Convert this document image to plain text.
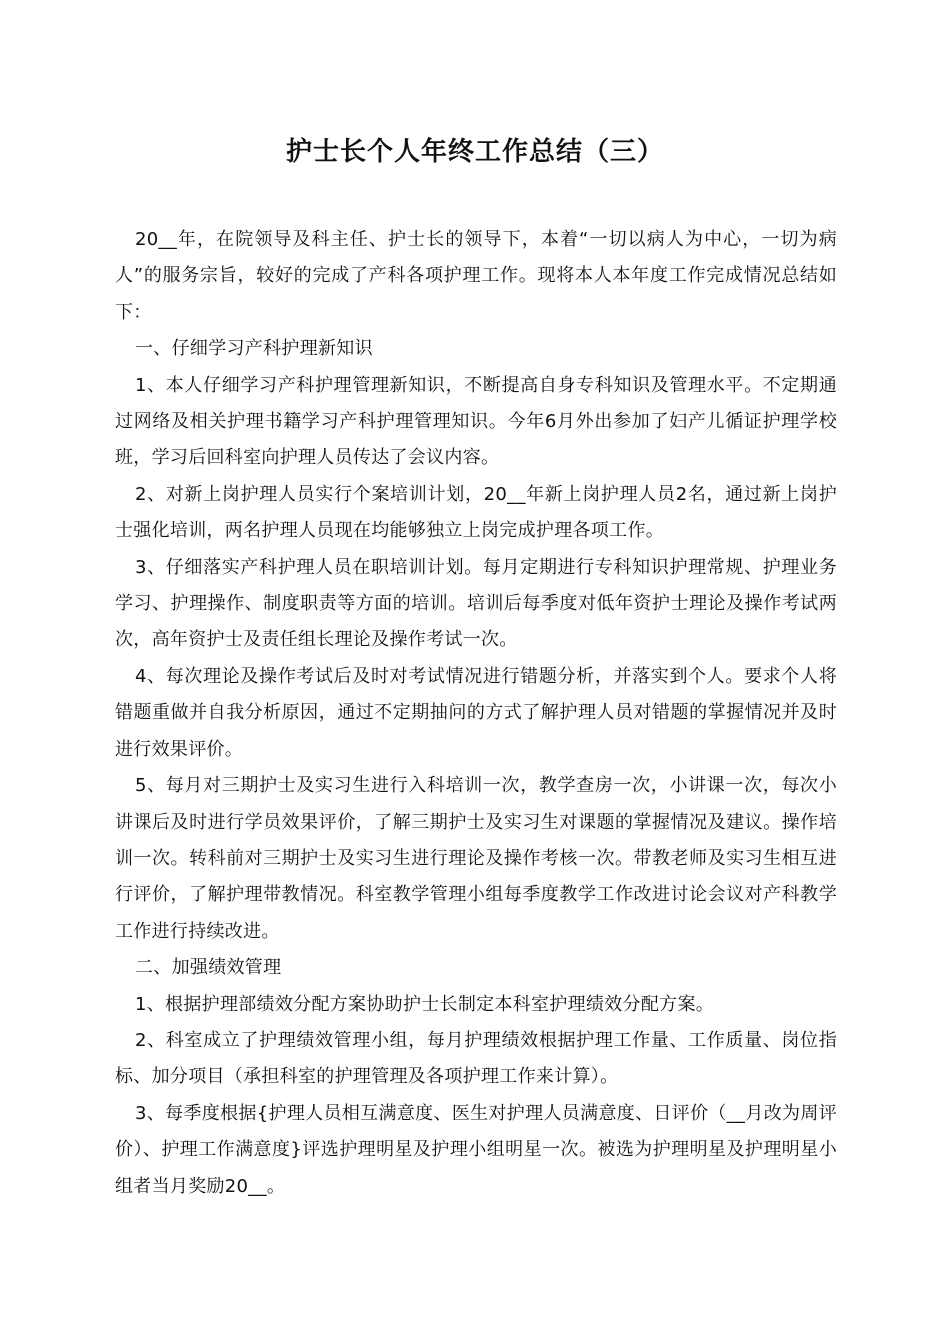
护士长个人年终工作总结（三）

20__年，在院领导及科主任、护士长的领导下，本着“一切以病人为中心，一切为病人”的服务宗旨，较好的完成了产科各项护理工作。现将本人本年度工作完成情况总结如下：

一、仔细学习产科护理新知识

1、本人仔细学习产科护理管理新知识，不断提高自身专科知识及管理水平。不定期通过网络及相关护理书籍学习产科护理管理知识。今年6月外出参加了妇产儿循证护理学校班，学习后回科室向护理人员传达了会议内容。

2、对新上岗护理人员实行个案培训计划，20__年新上岗护理人员2名，通过新上岗护士强化培训，两名护理人员现在均能够独立上岗完成护理各项工作。

3、仔细落实产科护理人员在职培训计划。每月定期进行专科知识护理常规、护理业务学习、护理操作、制度职责等方面的培训。培训后每季度对低年资护士理论及操作考试两次，高年资护士及责任组长理论及操作考试一次。

4、每次理论及操作考试后及时对考试情况进行错题分析，并落实到个人。要求个人将错题重做并自我分析原因，通过不定期抽问的方式了解护理人员对错题的掌握情况并及时进行效果评价。

5、每月对三期护士及实习生进行入科培训一次，教学查房一次，小讲课一次，每次小讲课后及时进行学员效果评价，了解三期护士及实习生对课题的掌握情况及建议。操作培训一次。转科前对三期护士及实习生进行理论及操作考核一次。带教老师及实习生相互进行评价，了解护理带教情况。科室教学管理小组每季度教学工作改进讨论会议对产科教学工作进行持续改进。

二、加强绩效管理

1、根据护理部绩效分配方案协助护士长制定本科室护理绩效分配方案。

2、科室成立了护理绩效管理小组，每月护理绩效根据护理工作量、工作质量、岗位指标、加分项目（承担科室的护理管理及各项护理工作来计算）。

3、每季度根据{护理人员相互满意度、医生对护理人员满意度、日评价（__月改为周评价）、护理工作满意度}评选护理明星及护理小组明星一次。被选为护理明星及护理明星小组者当月奖励20__。
